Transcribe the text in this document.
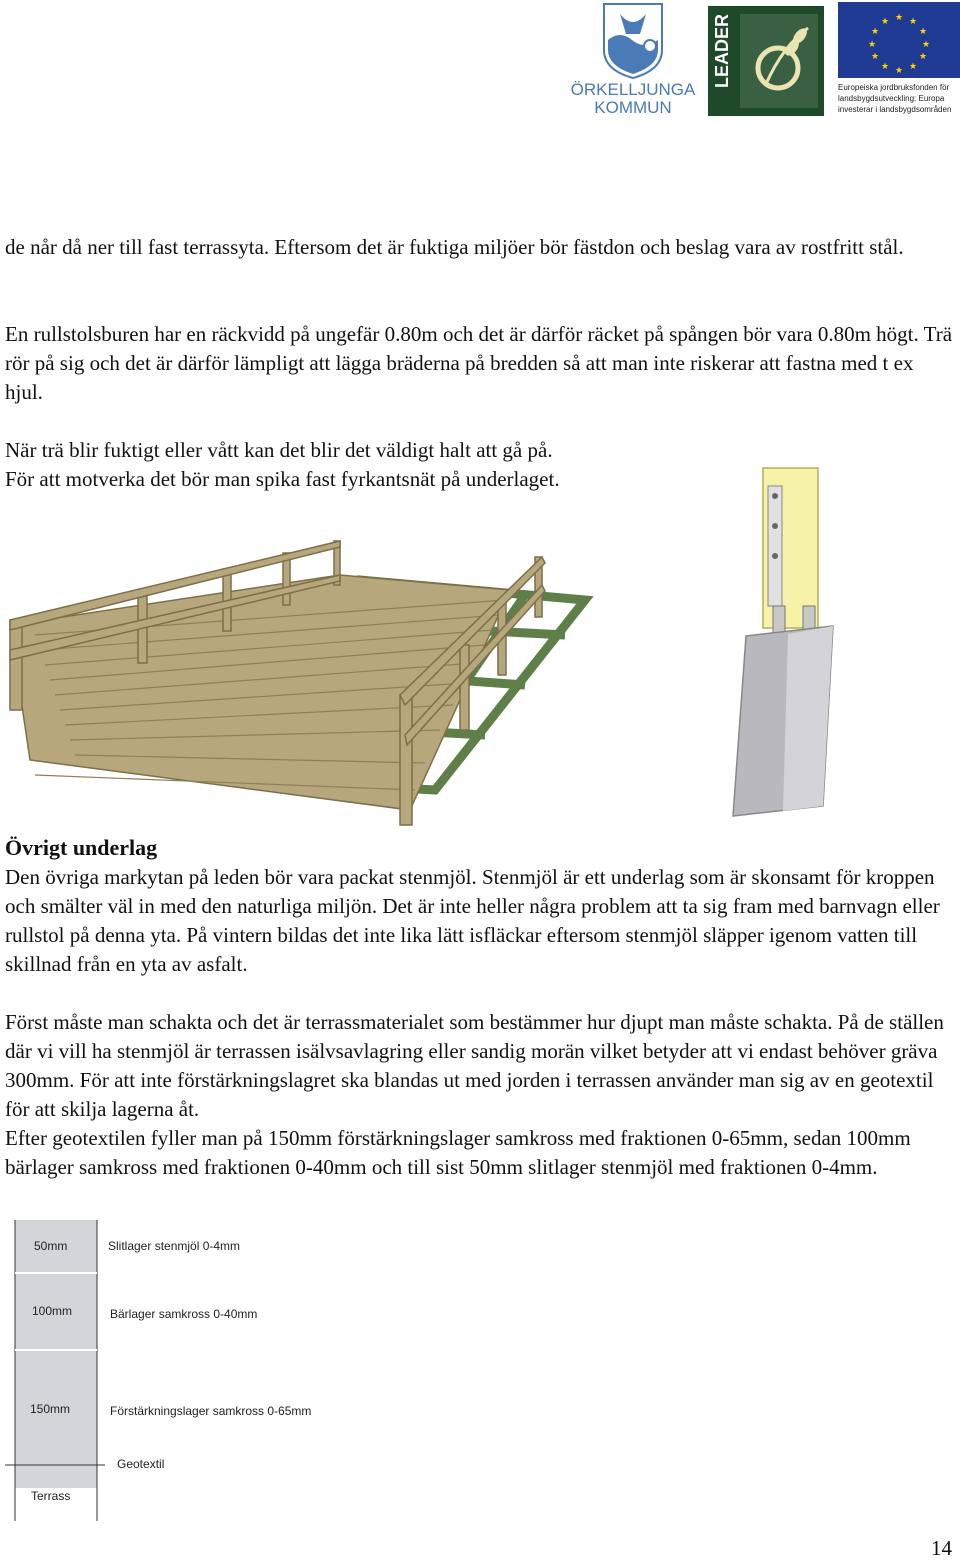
ÖRKELLJUNGA
KOMMUN
LEADER	★ ★
★
★
★
★
★
★
★
★
★
★
Europeiska jordbruksfonden för
landsbygdsutveckling: Europa
investerar i landsbygdsområden

de når då ner till fast terrassyta. Eftersom det är fuktiga miljöer bör fästdon och beslag vara av rostfritt stål.

En rullstolsburen har en räckvidd på ungefär 0.80m och det är därför räcket på spången bör vara 0.80m högt. Trä rör på sig och det är därför lämpligt att lägga bräderna på bredden så att man inte riskerar att fastna med t ex hjul.

När trä blir fuktigt eller vått kan det blir det väldigt halt att gå på.

För att motverka det bör man spika fast fyrkantsnät på underlaget.

Övrigt underlag

Den övriga markytan på leden bör vara packat stenmjöl. Stenmjöl är ett underlag som är skonsamt för kroppen och smälter väl in med den naturliga miljön. Det är inte heller några problem att ta sig fram med barnvagn eller rullstol på denna yta. På vintern bildas det inte lika lätt isfläckar eftersom stenmjöl släpper igenom vatten till skillnad från en yta av asfalt.

Först måste man schakta och det är terrassmaterialet som bestämmer hur djupt man måste schakta. På de ställen där vi vill ha stenmjöl är terrassen isälvsavlagring eller sandig morän vilket betyder att vi endast behöver gräva 300mm. För att inte förstärkningslagret ska blandas ut med jorden i terrassen använder man sig av en geotextil för att skilja lagerna åt.

Efter geotextilen fyller man på 150mm förstärkningslager samkross med fraktionen 0-65mm, sedan 100mm bärlager samkross med fraktionen 0-40mm och till sist 50mm slitlager stenmjöl med fraktionen 0-4mm.

50mm	Slitlager stenmjöl 0-4mm
100mm	Bärlager samkross 0-40mm
150mm	Förstärkningslager samkross 0-65mm
Terrass
Geotextil
14
